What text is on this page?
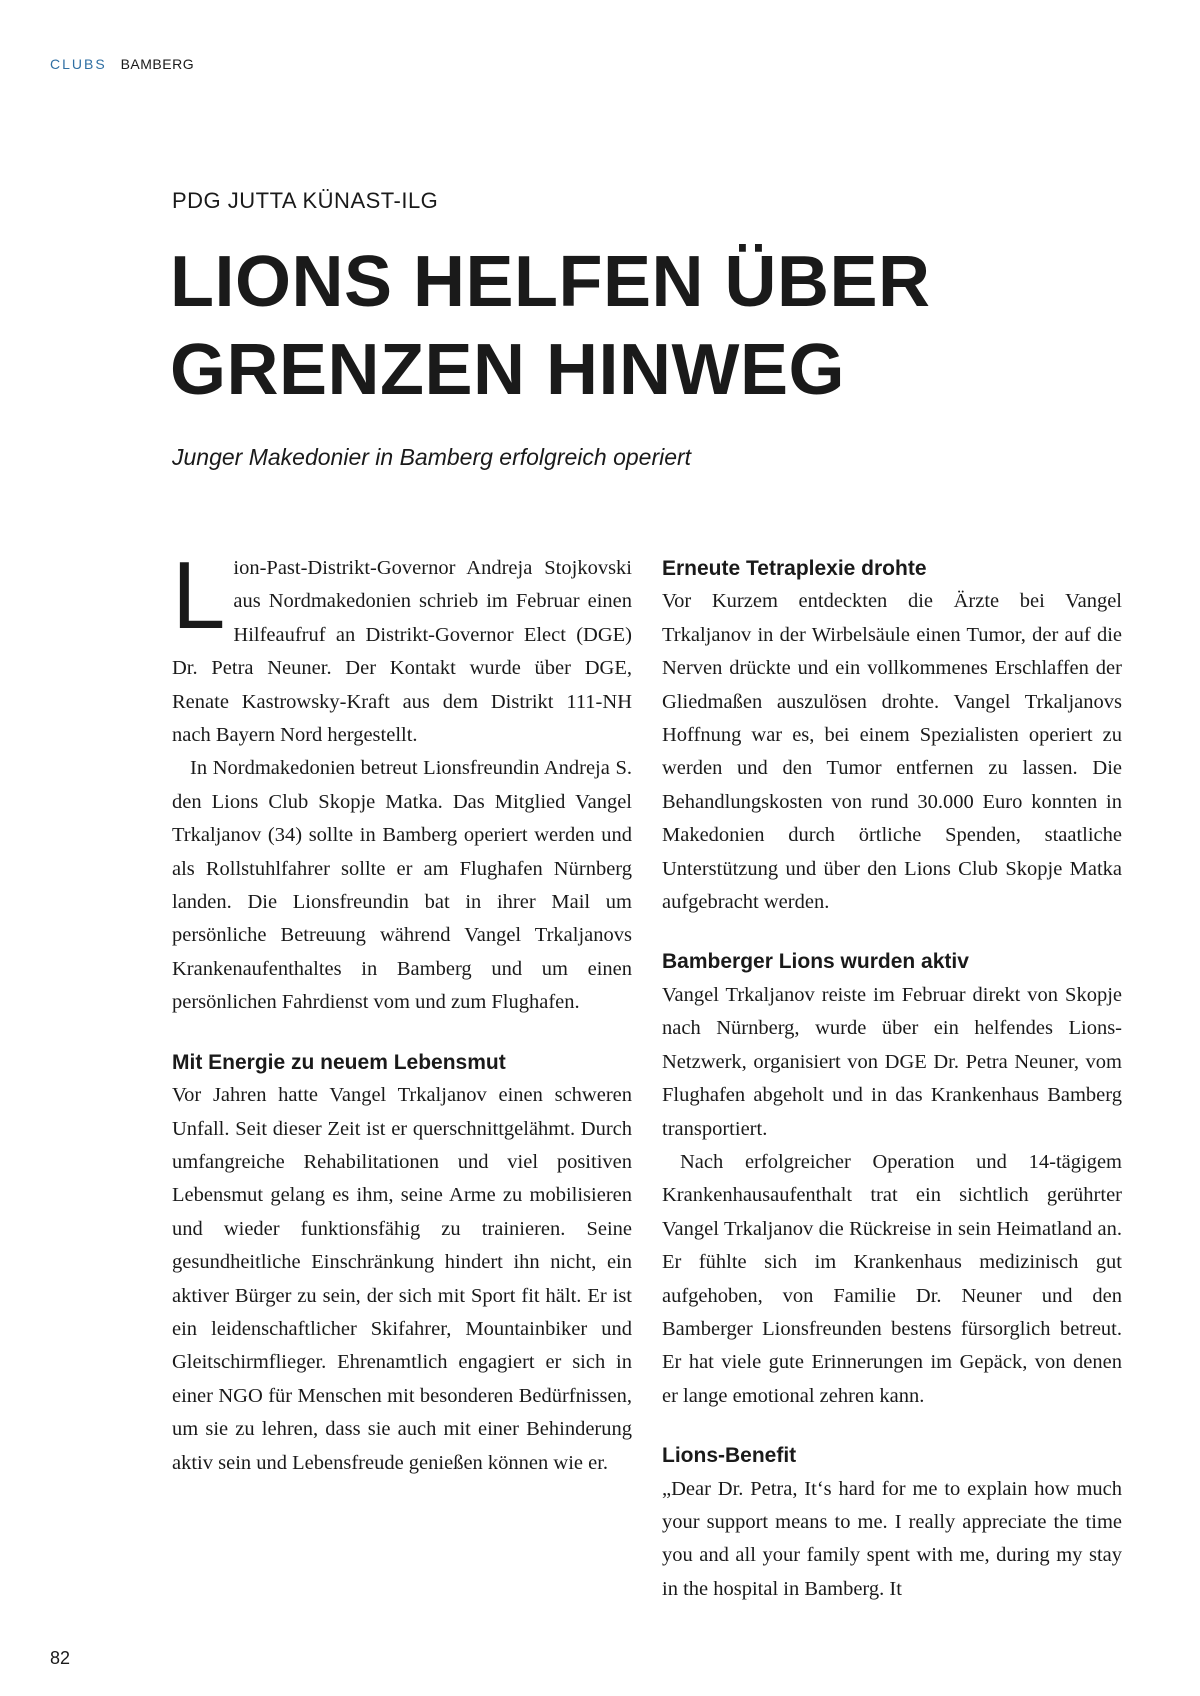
CLUBS BAMBERG
PDG JUTTA KÜNAST-ILG
LIONS HELFEN ÜBER
GRENZEN HINWEG
Junger Makedonier in Bamberg erfolgreich operiert

Lion-Past-Distrikt-Governor Andreja Stojkovski aus Nordmakedonien schrieb im Februar einen Hilfeaufruf an Distrikt-Governor Elect (DGE) Dr. Petra Neuner. Der Kontakt wurde über DGE, Renate Kastrowsky-Kraft aus dem Distrikt 111-NH nach Bayern Nord hergestellt.

In Nordmakedonien betreut Lionsfreundin Andreja S. den Lions Club Skopje Matka. Das Mitglied Vangel Trkaljanov (34) sollte in Bamberg operiert werden und als Rollstuhlfahrer sollte er am Flughafen Nürnberg landen. Die Lionsfreundin bat in ihrer Mail um persönliche Betreuung während Vangel Trkaljanovs Krankenaufenthaltes in Bamberg und um einen persönlichen Fahrdienst vom und zum Flughafen.

Mit Energie zu neuem Lebensmut

Vor Jahren hatte Vangel Trkaljanov einen schweren Unfall. Seit dieser Zeit ist er querschnittgelähmt. Durch umfangreiche Rehabilitationen und viel positiven Lebensmut gelang es ihm, seine Arme zu mobilisieren und wieder funktionsfähig zu trainieren. Seine gesundheitliche Einschränkung hindert ihn nicht, ein aktiver Bürger zu sein, der sich mit Sport fit hält. Er ist ein leidenschaftlicher Skifahrer, Mountainbiker und Gleitschirmflieger. Ehrenamtlich engagiert er sich in einer NGO für Menschen mit besonderen Bedürfnissen, um sie zu lehren, dass sie auch mit einer Behinderung aktiv sein und Lebensfreude genießen können wie er.

Erneute Tetraplexie drohte

Vor Kurzem entdeckten die Ärzte bei Vangel Trkaljanov in der Wirbelsäule einen Tumor, der auf die Nerven drückte und ein vollkommenes Erschlaffen der Gliedmaßen auszulösen drohte. Vangel Trkaljanovs Hoffnung war es, bei einem Spezialisten operiert zu werden und den Tumor entfernen zu lassen. Die Behandlungskosten von rund 30.000 Euro konnten in Makedonien durch örtliche Spenden, staatliche Unterstützung und über den Lions Club Skopje Matka aufgebracht werden.

Bamberger Lions wurden aktiv

Vangel Trkaljanov reiste im Februar direkt von Skopje nach Nürnberg, wurde über ein helfendes Lions-Netzwerk, organisiert von DGE Dr. Petra Neuner, vom Flughafen abgeholt und in das Krankenhaus Bamberg transportiert.

Nach erfolgreicher Operation und 14-tägigem Krankenhausaufenthalt trat ein sichtlich gerührter Vangel Trkaljanov die Rückreise in sein Heimatland an. Er fühlte sich im Krankenhaus medizinisch gut aufgehoben, von Familie Dr. Neuner und den Bamberger Lionsfreunden bestens fürsorglich betreut. Er hat viele gute Erinnerungen im Gepäck, von denen er lange emotional zehren kann.

Lions-Benefit

„Dear Dr. Petra, It‘s hard for me to explain how much your support means to me. I really appreciate the time you and all your family spent with me, during my stay in the hospital in Bamberg. It

82
